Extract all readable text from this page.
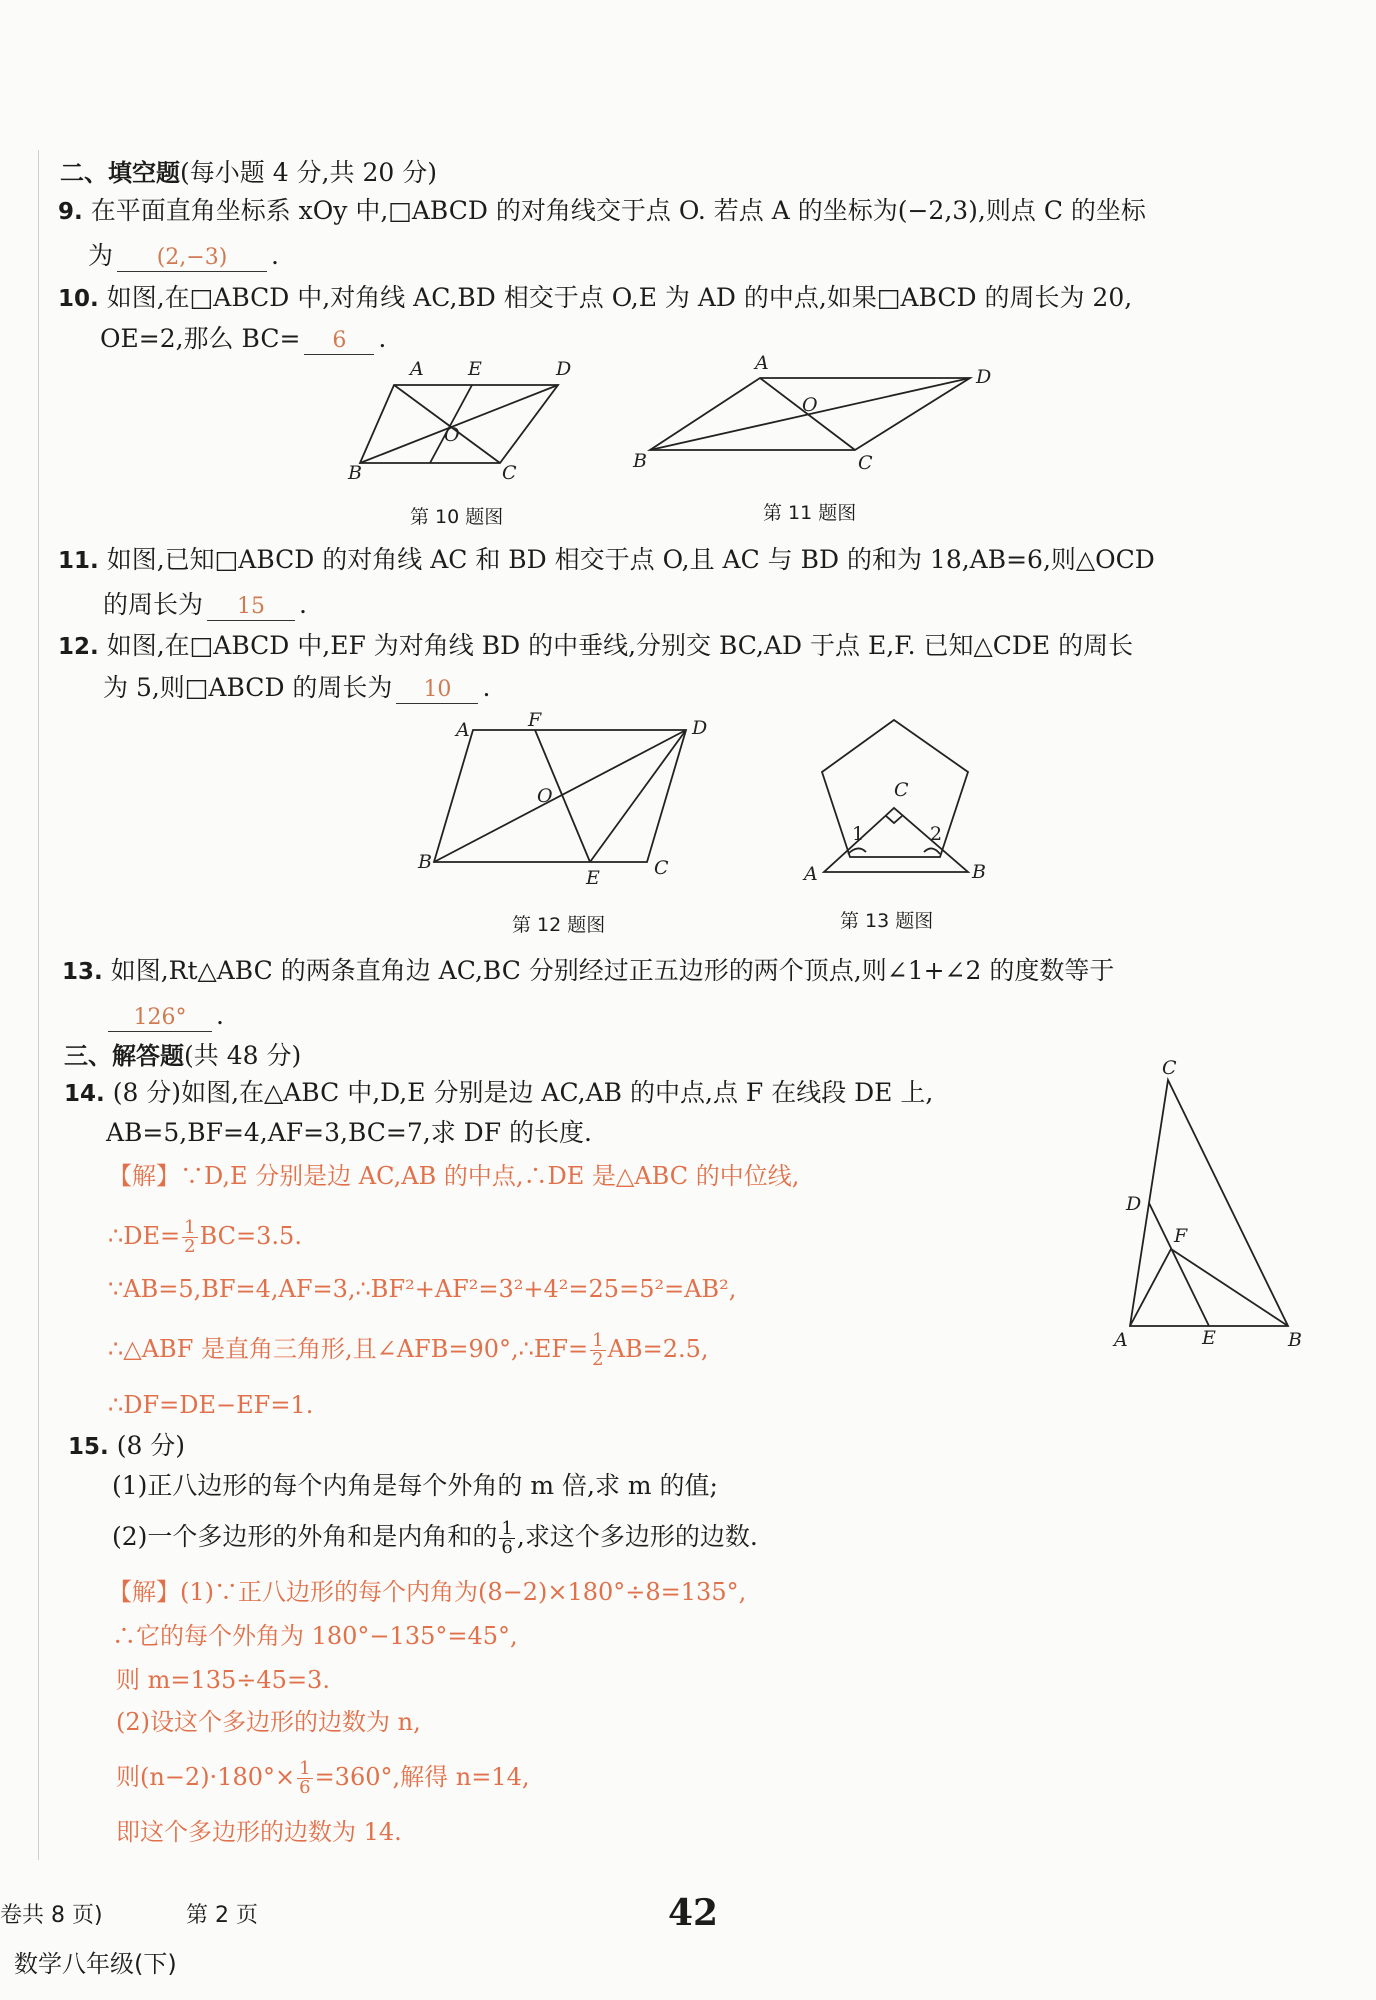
二、填空题(每小题 4 分,共 20 分)
9. 在平面直角坐标系 xOy 中,□ABCD 的对角线交于点 O. 若点 A 的坐标为(−2,3),则点 C 的坐标
为 (2,−3) .
10. 如图,在□ABCD 中,对角线 AC,BD 相交于点 O,E 为 AD 的中点,如果□ABCD 的周长为 20,
OE=2,那么 BC= 6 .
A E	D
O
B	C
第 10 题图
A
D
O
B	C
第 11 题图
11. 如图,已知□ABCD 的对角线 AC 和 BD 相交于点 O,且 AC 与 BD 的和为 18,AB=6,则△OCD
的周长为 15 .
12. 如图,在□ABCD 中,EF 为对角线 BD 的中垂线,分别交 BC,AD 于点 E,F. 已知△CDE 的周长
为 5,则□ABCD 的周长为 10 .
A	F	D
O
B
E	C
第 12 题图
C
1	2
A	B
第 13 题图
13. 如图,Rt△ABC 的两条直角边 AC,BC 分别经过正五边形的两个顶点,则∠1+∠2 的度数等于
126° .
三、解答题(共 48 分)
14. (8 分)如图,在△ABC 中,D,E 分别是边 AC,AB 的中点,点 F 在线段 DE 上,
AB=5,BF=4,AF=3,BC=7,求 DF 的长度.
【解】∵D,E 分别是边 AC,AB 的中点,∴DE 是△ABC 的中位线,
∴DE= $\frac{1}{2} BC=3.5$.
∵AB=5,BF=4,AF=3,∴BF²+AF²=3²+4²=25=5²=AB²,
∴△ABF 是直角三角形,且∠AFB=90°,∴EF= $\frac{1}{2} AB=2.5$,
∴DF=DE−EF=1.
C
D
F
A	E	B
15. (8 分)
(1)正八边形的每个内角是每个外角的 m 倍,求 m 的值;
(2)一个多边形的外角和是内角和的 $\frac{1}{6}$ ,求这个多边形的边数.
【解】(1)∵正八边形的每个内角为(8−2)×180°÷8=135°,
∴它的每个外角为 180°−135°=45°,
则 m=135÷45=3.
(2)设这个多边形的边数为 n,
则$(n-2)\cdot 180^\circ\times \frac{1}{6} =360^\circ$,解得 n=14,
即这个多边形的边数为 14.
卷共 8 页)	第 2 页	42
数学八年级(下)
